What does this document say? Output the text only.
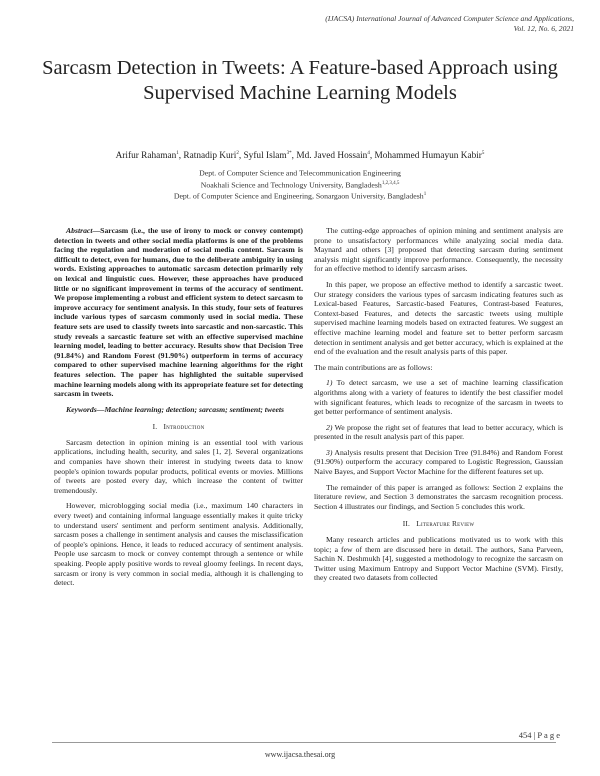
(IJACSA) International Journal of Advanced Computer Science and Applications,
Vol. 12, No. 6, 2021
Sarcasm Detection in Tweets: A Feature-based Approach using Supervised Machine Learning Models
Arifur Rahaman$^1$, Ratnadip Kuri$^2$, Syful Islam$^{3*}$, Md. Javed Hossain$^4$, Mohammed Humayun Kabir$^5$
Dept. of Computer Science and Telecommunication Engineering
Noakhali Science and Technology University, Bangladesh$^{1,2,3,4,5}$
Dept. of Computer Science and Engineering, Sonargaon University, Bangladesh$^1$

Abstract—Sarcasm (i.e., the use of irony to mock or convey contempt) detection in tweets and other social media platforms is one of the problems facing the regulation and moderation of social media content. Sarcasm is difficult to detect, even for humans, due to the deliberate ambiguity in using words. Existing approaches to automatic sarcasm detection primarily rely on lexical and linguistic cues. However, these approaches have produced little or no significant improvement in terms of the accuracy of sentiment. We propose implementing a robust and efficient system to detect sarcasm to improve accuracy for sentiment analysis. In this study, four sets of features include various types of sarcasm commonly used in social media. These feature sets are used to classify tweets into sarcastic and non-sarcastic. This study reveals a sarcastic feature set with an effective supervised machine learning model, leading to better accuracy. Results show that Decision Tree (91.84%) and Random Forest (91.90%) outperform in terms of accuracy compared to other supervised machine learning algorithms for the right features selection. The paper has highlighted the suitable supervised machine learning models along with its appropriate feature set for detecting sarcasm in tweets.

Keywords—Machine learning; detection; sarcasm; sentiment; tweets

I. Introduction

Sarcasm detection in opinion mining is an essential tool with various applications, including health, security, and sales [1, 2]. Several organizations and companies have shown their interest in studying tweets data to know people's opinion towards popular products, political events or movies. Millions of tweets are posted every day, which increase the content of twitter tremendously.

However, microblogging social media (i.e., maximum 140 characters in every tweet) and containing informal language essentially makes it quite tricky to understand users' sentiment and perform sentiment analysis. Additionally, sarcasm poses a challenge in sentiment analysis and causes the misclassification of people's opinions. Hence, it leads to reduced accuracy of sentiment analysis. People use sarcasm to mock or convey contempt through a sentence or while speaking. People apply positive words to reveal gloomy feelings. In recent days, sarcasm or irony is very common in social media, although it is challenging to detect.

The cutting-edge approaches of opinion mining and sentiment analysis are prone to unsatisfactory performances while analyzing social media data. Maynard and others [3] proposed that detecting sarcasm during sentiment analysis might significantly improve performance. Consequently, the necessity for an effective method to identify sarcasm arises.

In this paper, we propose an effective method to identify a sarcastic tweet. Our strategy considers the various types of sarcasm indicating features such as Lexical-based Features, Sarcastic-based Features, Contrast-based Features, Context-based Features, and detects the sarcastic tweets using multiple supervised machine learning models based on extracted features. We suggest an effective machine learning model and feature set to better perform sarcasm detection in sentiment analysis and get better accuracy, which is explained at the end of the evaluation and the result analysis parts of this paper.

The main contributions are as follows:

1) To detect sarcasm, we use a set of machine learning classification algorithms along with a variety of features to identify the best classifier model with significant features, which leads to recognize of the sarcasm in tweets to get better performance of sentiment analysis.

2) We propose the right set of features that lead to better accuracy, which is presented in the result analysis part of this paper.

3) Analysis results present that Decision Tree (91.84%) and Random Forest (91.90%) outperform the accuracy compared to Logistic Regression, Gaussian Naive Bayes, and Support Vector Machine for the different features set up.

The remainder of this paper is arranged as follows: Section 2 explains the literature review, and Section 3 demonstrates the sarcasm recognition process. Section 4 illustrates our findings, and Section 5 concludes this work.

II. Literature Review

Many research articles and publications motivated us to work with this topic; a few of them are discussed here in detail. The authors, Sana Parveen, Sachin N. Deshmukh [4], suggested a methodology to recognize the sarcasm on Twitter using Maximum Entropy and Support Vector Machine (SVM). Firstly, they created two datasets from collected

454 | P a g e
www.ijacsa.thesai.org
